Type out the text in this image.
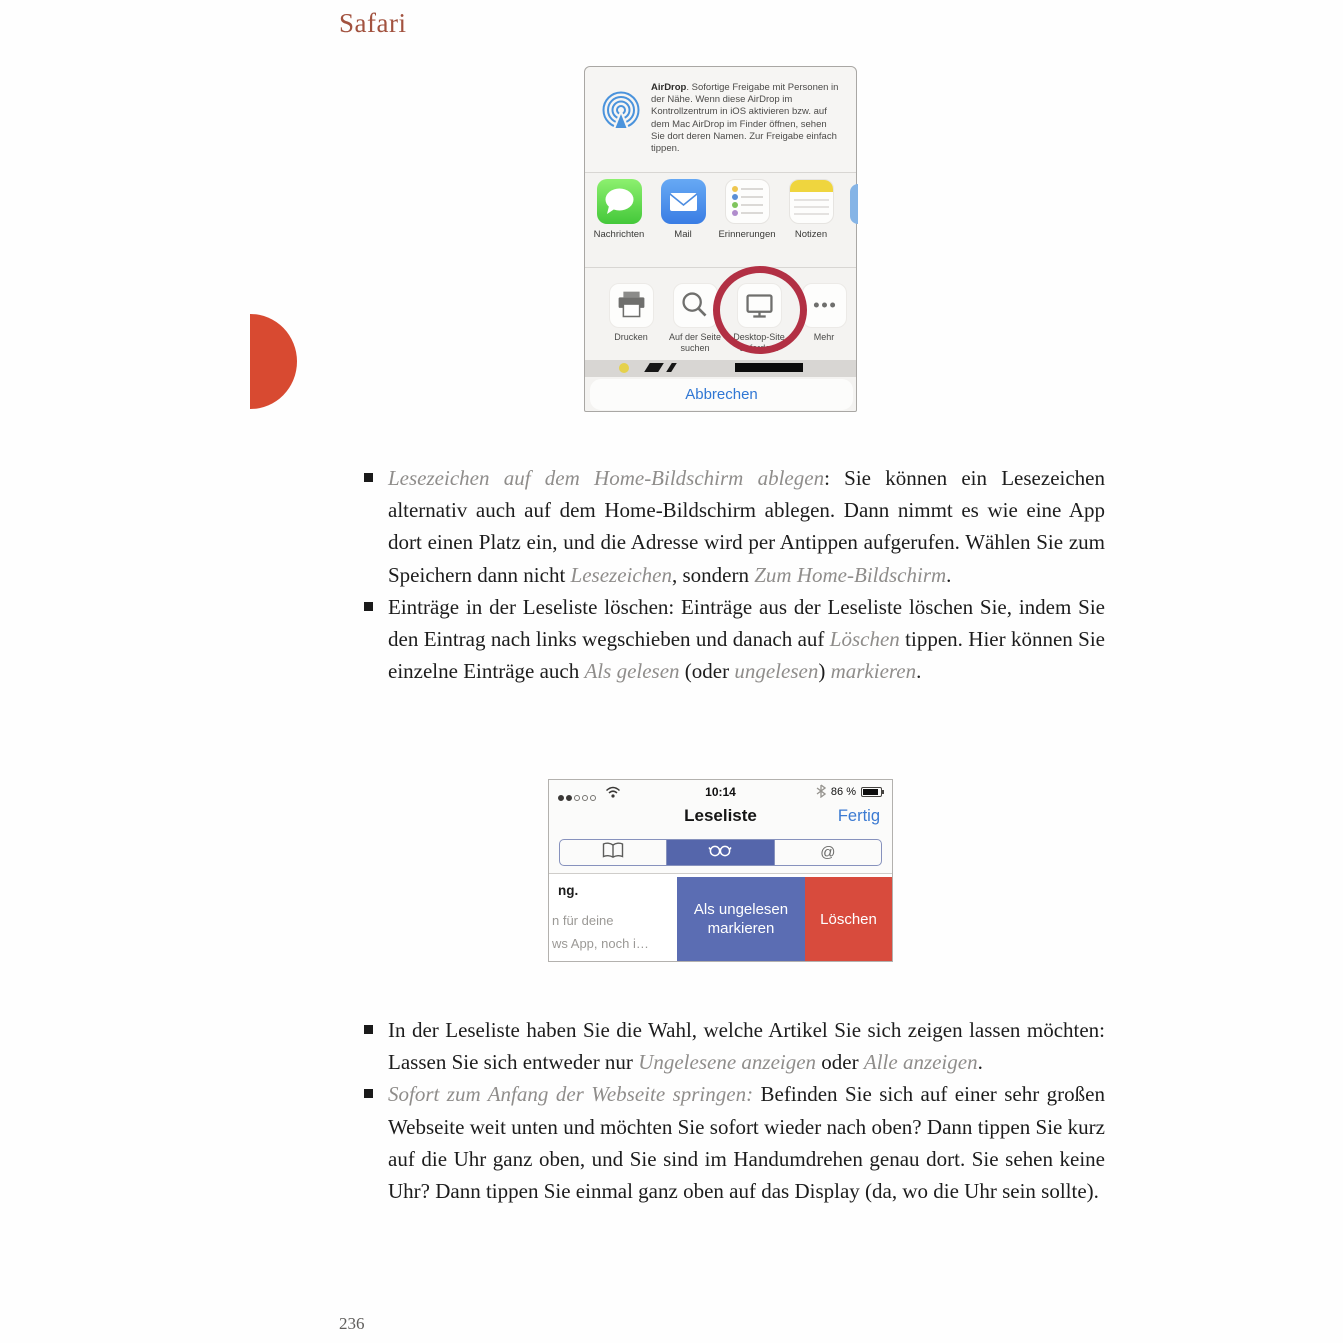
Safari
AirDrop. Sofortige Freigabe mit Personen in der Nähe. Wenn diese AirDrop im Kontrollzentrum in iOS aktivieren bzw. auf dem Mac AirDrop im Finder öffnen, sehen Sie dort deren Namen. Zur Freigabe einfach tippen.
Nachrichten	Mail	Erinnerungen	Notizen
Drucken	Auf der Seite suchen
Desktop-Site anfordern
Mehr
Abbrechen
Lesezeichen auf dem Home-Bildschirm ablegen: Sie können ein Lesezeichen alternativ auch auf dem Home-Bildschirm ablegen. Dann nimmt es wie eine App dort einen Platz ein, und die Adresse wird per Antippen aufgerufen. Wählen Sie zum Speichern dann nicht Lesezeichen, sondern Zum Home-Bildschirm.
Einträge in der Leseliste löschen: Einträge aus der Leseliste löschen Sie, indem Sie den Eintrag nach links wegschieben und danach auf Löschen tippen. Hier können Sie einzelne Einträge auch Als gelesen (oder ungelesen) markieren.
10:14	86 %
Leseliste	Fertig
@
ng.
n für deine
ws App, noch i…
Als ungelesen markieren
Löschen
In der Leseliste haben Sie die Wahl, welche Artikel Sie sich zeigen lassen möchten: Lassen Sie sich entweder nur Ungelesene anzeigen oder Alle anzeigen.
Sofort zum Anfang der Webseite springen: Befinden Sie sich auf einer sehr großen Webseite weit unten und möchten Sie sofort wieder nach oben? Dann tippen Sie kurz auf die Uhr ganz oben, und Sie sind im Handumdrehen genau dort. Sie sehen keine Uhr? Dann tippen Sie einmal ganz oben auf das Display (da, wo die Uhr sein sollte).
236
